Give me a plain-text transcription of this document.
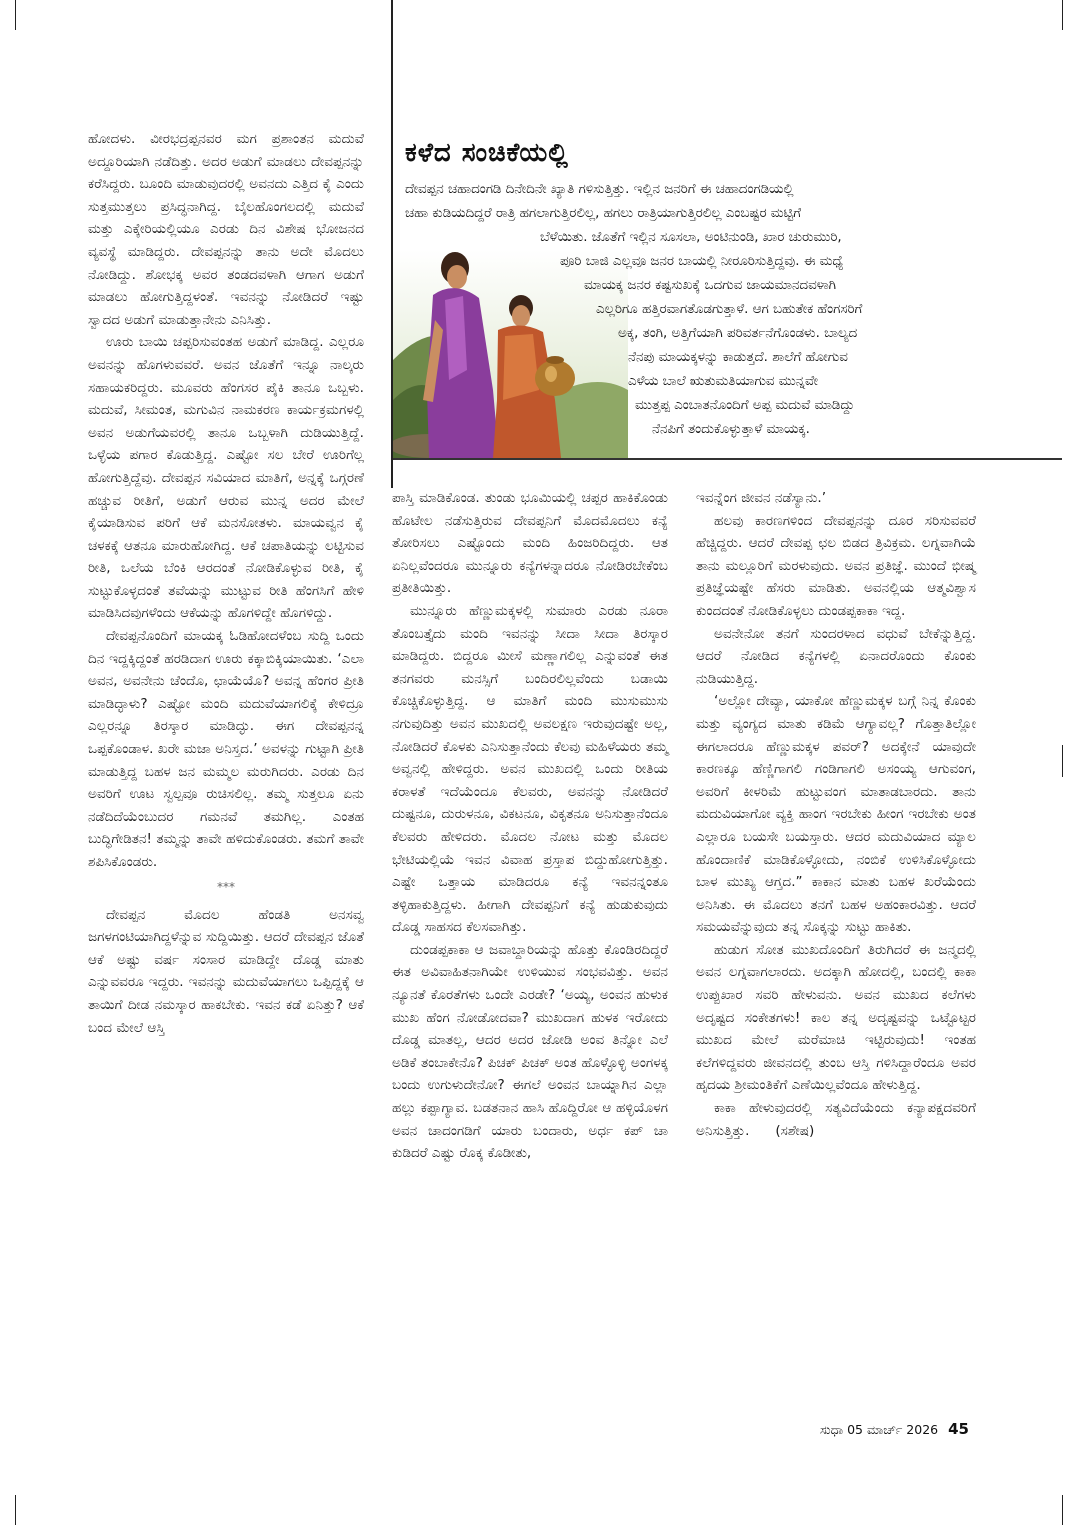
ಕಳೆದ ಸಂಚಿಕೆಯಲ್ಲಿ
ದೇವಪ್ಪನ ಚಹಾದಂಗಡಿ ದಿನೇದಿನೇ ಖ್ಯಾತಿ ಗಳಿಸುತ್ತಿತ್ತು. ಇಲ್ಲಿನ ಜನರಿಗೆ ಈ ಚಹಾದಂಗಡಿಯಲ್ಲಿ
ಚಹಾ ಕುಡಿಯದಿದ್ದರೆ ರಾತ್ರಿ ಹಗಲಾಗುತ್ತಿರಲಿಲ್ಲ, ಹಗಲು ರಾತ್ರಿಯಾಗುತ್ತಿರಲಿಲ್ಲ ಎಂಬಷ್ಟರ ಮಟ್ಟಿಗೆ
ಬೆಳೆಯಿತು. ಜೊತೆಗೆ ಇಲ್ಲಿನ ಸೂಸಲಾ, ಅಂಟಿನುಂಡಿ, ಖಾರ ಚುರುಮುರಿ,
ಪೂರಿ ಬಾಜಿ ಎಲ್ಲವೂ ಜನರ ಬಾಯಲ್ಲಿ ನೀರೂರಿಸುತ್ತಿದ್ದವು. ಈ ಮಧ್ಯೆ
ಮಾಯಕ್ಕ ಜನರ ಕಷ್ಟಸುಖಕ್ಕೆ ಒದಗುವ ಜಾಯಮಾನದವಳಾಗಿ
ಎಲ್ಲರಿಗೂ ಹತ್ತಿರವಾಗತೊಡಗುತ್ತಾಳೆ. ಆಗ ಬಹುತೇಕ ಹೆಂಗಸರಿಗೆ
ಅಕ್ಕ, ತಂಗಿ, ಅತ್ತಿಗೆಯಾಗಿ ಪರಿವರ್ತನೆಗೊಂಡಳು. ಬಾಲ್ಯದ
ನೆನಪು ಮಾಯಕ್ಕಳನ್ನು ಕಾಡುತ್ತದೆ. ಶಾಲೆಗೆ ಹೋಗುವ
ಎಳೆಯ ಬಾಲೆ ಋತುಮತಿಯಾಗುವ ಮುನ್ನವೇ
ಮುತ್ತಪ್ಪ ಎಂಬಾತನೊಂದಿಗೆ ಅಪ್ಪ ಮದುವೆ ಮಾಡಿದ್ದು
ನೆನಪಿಗೆ ತಂದುಕೊಳ್ಳುತ್ತಾಳೆ ಮಾಯಕ್ಕ.

ಹೋದಳು. ವೀರಭದ್ರಪ್ಪನವರ ಮಗ ಪ್ರಶಾಂತನ ಮದುವೆ ಅದ್ದೂರಿಯಾಗಿ ನಡೆದಿತ್ತು. ಅದರ ಅಡುಗೆ ಮಾಡಲು ದೇವಪ್ಪನನ್ನು ಕರೆಸಿದ್ದರು. ಬೂಂದಿ ಮಾಡುವುದರಲ್ಲಿ ಅವನದು ಎತ್ತಿದ ಕೈ ಎಂದು ಸುತ್ತಮುತ್ತಲು ಪ್ರಸಿದ್ಧನಾಗಿದ್ದ. ಬೈಲಹೊಂಗಲದಲ್ಲಿ ಮದುವೆ ಮತ್ತು ಎಕ್ಕೇರಿಯಲ್ಲಿಯೂ ಎರಡು ದಿನ ವಿಶೇಷ ಭೋಜನದ ವ್ಯವಸ್ಥೆ ಮಾಡಿದ್ದರು. ದೇವಪ್ಪನನ್ನು ತಾನು ಅದೇ ಮೊದಲು ನೋಡಿದ್ದು. ಶೋಭಕ್ಕ ಅವರ ತಂಡದವಳಾಗಿ ಆಗಾಗ ಅಡುಗೆ ಮಾಡಲು ಹೋಗುತ್ತಿದ್ದಳಂತೆ. ಇವನನ್ನು ನೋಡಿದರೆ ಇಷ್ಟು ಸ್ವಾದದ ಅಡುಗೆ ಮಾಡುತ್ತಾನೇನು ಎನಿಸಿತ್ತು.

ಊರು ಬಾಯಿ ಚಪ್ಪರಿಸುವಂತಹ ಅಡುಗೆ ಮಾಡಿದ್ದ. ಎಲ್ಲರೂ ಅವನನ್ನು ಹೊಗಳುವವರೆ. ಅವನ ಜೊತೆಗೆ ಇನ್ನೂ ನಾಲ್ಕರು ಸಹಾಯಕರಿದ್ದರು. ಮೂವರು ಹೆಂಗಸರ ಪೈಕಿ ತಾನೂ ಒಬ್ಬಳು. ಮದುವೆ, ಸೀಮಂತ, ಮಗುವಿನ ನಾಮಕರಣ ಕಾರ್ಯಕ್ರಮಗಳಲ್ಲಿ ಅವನ ಅಡುಗೆಯವರಲ್ಲಿ ತಾನೂ ಒಬ್ಬಳಾಗಿ ದುಡಿಯುತ್ತಿದ್ದೆ. ಒಳ್ಳೆಯ ಪಗಾರ ಕೊಡುತ್ತಿದ್ದ. ಎಷ್ಟೋ ಸಲ ಬೇರೆ ಊರಿಗೆಲ್ಲ ಹೋಗುತ್ತಿದ್ದೆವು. ದೇವಪ್ಪನ ಸವಿಯಾದ ಮಾತಿಗೆ, ಅನ್ನಕ್ಕೆ ಒಗ್ಗರಣೆ ಹಚ್ಚುವ ರೀತಿಗೆ, ಅಡುಗೆ ಆರುವ ಮುನ್ನ ಅದರ ಮೇಲೆ ಕೈಯಾಡಿಸುವ ಪರಿಗೆ ಆಕೆ ಮನಸೋತಳು. ಮಾಯವ್ವನ ಕೈ ಚಳಕಕ್ಕೆ ಆತನೂ ಮಾರುಹೋಗಿದ್ದ. ಆಕೆ ಚಪಾತಿಯನ್ನು ಲಟ್ಟಿಸುವ ರೀತಿ, ಒಲೆಯ ಬೆಂಕಿ ಆರದಂತೆ ನೋಡಿಕೊಳ್ಳುವ ರೀತಿ, ಕೈ ಸುಟ್ಟುಕೊಳ್ಳದಂತೆ ತವೆಯನ್ನು ಮುಟ್ಟುವ ರೀತಿ ಹೆಂಗಸಿಗೆ ಹೇಳಿ ಮಾಡಿಸಿದವುಗಳೆಂದು ಆಕೆಯನ್ನು ಹೊಗಳಿದ್ದೇ ಹೊಗಳಿದ್ದು.

ದೇವಪ್ಪನೊಂದಿಗೆ ಮಾಯಕ್ಕ ಓಡಿಹೋದಳೆಂಬ ಸುದ್ದಿ ಒಂದು ದಿನ ಇದ್ದಕ್ಕಿದ್ದಂತೆ ಹರಡಿದಾಗ ಊರು ಕಕ್ಕಾಬಿಕ್ಕಿಯಾಯಿತು. ‘ಎಲಾ ಅವನ, ಅವನೇನು ಚೆಂದೊ, ಛಾಯೆಯೊ? ಅವನ್ನ ಹೆಂಗರ ಪ್ರೀತಿ ಮಾಡಿದ್ಳಾಳು? ಎಷ್ಟೋ ಮಂದಿ ಮದುವೆಯಾಗಲಿಕ್ಕೆ ಕೇಳಿದ್ರೂ ಎಲ್ಲರನ್ನೂ ತಿರಸ್ಕಾರ ಮಾಡಿದ್ಳು. ಈಗ ದೇವಪ್ಪನನ್ನ ಒಪ್ಪಕೊಂಡಾಳ. ಖರೇ ಮಜಾ ಅನಿಸ್ತದ.’ ಅವಳನ್ನು ಗುಟ್ಟಾಗಿ ಪ್ರೀತಿ ಮಾಡುತ್ತಿದ್ದ ಬಹಳ ಜನ ಮಮ್ಮಲ ಮರುಗಿದರು. ಎರಡು ದಿನ ಅವರಿಗೆ ಊಟ ಸ್ವಲ್ಪವೂ ರುಚಿಸಲಿಲ್ಲ. ತಮ್ಮ ಸುತ್ತಲೂ ಏನು ನಡೆದಿದೆಯೆಂಬುದರ ಗಮನವೆ ತಮಗಿಲ್ಲ. ಎಂತಹ ಬುದ್ಧಿಗೇಡಿತನ! ತಮ್ಮನ್ನು ತಾವೇ ಹಳಿದುಕೊಂಡರು. ತಮಗೆ ತಾವೇ ಶಪಿಸಿಕೊಂಡರು.

***

ದೇವಪ್ಪನ ಮೊದಲ ಹೆಂಡತಿ ಅನಸವ್ವ ಜಗಳಗಂಟಿಯಾಗಿದ್ದಳೆನ್ನುವ ಸುದ್ದಿಯಿತ್ತು. ಆದರೆ ದೇವಪ್ಪನ ಜೊತೆ ಆಕೆ ಅಷ್ಟು ವರ್ಷ ಸಂಸಾರ ಮಾಡಿದ್ದೇ ದೊಡ್ಡ ಮಾತು ಎನ್ನುವವರೂ ಇದ್ದರು. ಇವನನ್ನು ಮದುವೆಯಾಗಲು ಒಪ್ಪಿದ್ದಕ್ಕೆ ಆ ತಾಯಿಗೆ ದೀಡ ನಮಸ್ಕಾರ ಹಾಕಬೇಕು. ಇವನ ಕಡೆ ಏನಿತ್ತು? ಆಕೆ ಬಂದ ಮೇಲೆ ಆಸ್ತಿ

ಪಾಸ್ತಿ ಮಾಡಿಕೊಂಡ. ತುಂಡು ಭೂಮಿಯಲ್ಲಿ ಚಪ್ಪರ ಹಾಕಿಕೊಂಡು ಹೊಟೇಲ ನಡೆಸುತ್ತಿರುವ ದೇವಪ್ಪನಿಗೆ ಮೊದಮೊದಲು ಕನ್ಯೆ ತೋರಿಸಲು ಎಷ್ಟೊಂದು ಮಂದಿ ಹಿಂಜರಿದಿದ್ದರು. ಆತ ಏನಿಲ್ಲವೆಂದರೂ ಮುನ್ನೂರು ಕನ್ಯೆಗಳನ್ನಾದರೂ ನೋಡಿರಬೇಕೆಂಬ ಪ್ರತೀತಿಯಿತ್ತು.

ಮುನ್ನೂರು ಹೆಣ್ಣುಮಕ್ಕಳಲ್ಲಿ ಸುಮಾರು ಎರಡು ನೂರಾ ತೊಂಬತ್ತೈದು ಮಂದಿ ಇವನನ್ನು ಸೀದಾ ಸೀದಾ ತಿರಸ್ಕಾರ ಮಾಡಿದ್ದರು. ಬಿದ್ದರೂ ಮೀಸೆ ಮಣ್ಣಾಗಲಿಲ್ಲ ಎನ್ನುವಂತೆ ಈತ ತನಗವರು ಮನಸ್ಸಿಗೆ ಬಂದಿರಲಿಲ್ಲವೆಂದು ಬಡಾಯಿ ಕೊಚ್ಚಿಕೊಳ್ಳುತ್ತಿದ್ದ. ಆ ಮಾತಿಗೆ ಮಂದಿ ಮುಸುಮುಸು ನಗುವುದಿತ್ತು ಅವನ ಮುಖದಲ್ಲಿ ಅವಲಕ್ಷಣ ಇರುವುದಷ್ಟೇ ಅಲ್ಲ, ನೋಡಿದರೆ ಕೊಳಕು ಎನಿಸುತ್ತಾನೆಂದು ಕೆಲವು ಮಹಿಳೆಯರು ತಮ್ಮ ಅವ್ವನಲ್ಲಿ ಹೇಳಿದ್ದರು. ಅವನ ಮುಖದಲ್ಲಿ ಒಂದು ರೀತಿಯ ಕರಾಳತೆ ಇದೆಯೆಂದೂ ಕೆಲವರು, ಅವನನ್ನು ನೋಡಿದರೆ ದುಷ್ಟನೂ, ದುರುಳನೂ, ವಿಕಟನೂ, ವಿಕೃತನೂ ಅನಿಸುತ್ತಾನೆಂದೂ ಕೆಲವರು ಹೇಳಿದರು. ಮೊದಲ ನೋಟ ಮತ್ತು ಮೊದಲ ಭೇಟಿಯಲ್ಲಿಯೆ ಇವನ ವಿವಾಹ ಪ್ರಸ್ತಾಪ ಬಿದ್ದುಹೋಗುತ್ತಿತ್ತು. ಎಷ್ಟೇ ಒತ್ತಾಯ ಮಾಡಿದರೂ ಕನ್ಯೆ ಇವನನ್ನಂತೂ ತಳ್ಳಿಹಾಕುತ್ತಿದ್ದಳು. ಹೀಗಾಗಿ ದೇವಪ್ಪನಿಗೆ ಕನ್ಯೆ ಹುಡುಕುವುದು ದೊಡ್ಡ ಸಾಹಸದ ಕೆಲಸವಾಗಿತ್ತು.

ದುಂಡಪ್ಪಕಾಕಾ ಆ ಜವಾಬ್ದಾರಿಯನ್ನು ಹೊತ್ತು ಕೊಂಡಿರದಿದ್ದರೆ ಈತ ಅವಿವಾಹಿತನಾಗಿಯೇ ಉಳಿಯುವ ಸಂಭವವಿತ್ತು. ಅವನ ನ್ಯೂನತೆ ಕೊರತೆಗಳು ಒಂದೇ ಎರಡೇ? ‘ಅಯ್ಯ, ಅಂವನ ಹುಳುಕ ಮುಖ ಹೆಂಗ ನೋಡೋದವಾ? ಮುಖದಾಗ ಹುಳಕ ಇರೋದು ದೊಡ್ಡ ಮಾತಲ್ಲ, ಆದರ ಅದರ ಜೋಡಿ ಅಂವ ತಿನ್ನೋ ಎಲೆ ಅಡಿಕೆ ತಂಬಾಕೇನೊ? ಪಿಚಕ್ ಪಿಚಕ್ ಅಂತ ಹೊಳ್ಳೊಳ್ಳಿ ಅಂಗಳಕ್ಕ ಬಂದು ಉಗುಳುದೇನೋ? ಈಗಲೆ ಅಂವನ ಬಾಯ್ನಾಗಿನ ಎಲ್ಲಾ ಹಲ್ಲು ಕಪ್ಪಾಗ್ಯಾವ. ಬಡತನಾನ ಹಾಸಿ ಹೊದ್ದಿರೋ ಆ ಹಳ್ಳಿಯೊಳಗ ಅವನ ಚಾದಂಗಡಿಗೆ ಯಾರು ಬಂದಾರು, ಅರ್ಧ ಕಪ್ ಚಾ ಕುಡಿದರೆ ಎಷ್ಟು ರೊಕ್ಕ ಕೊಡೀತು,

ಇವನ್ನೆಂಗ ಜೀವನ ನಡೆಸ್ಯಾನು.’

ಹಲವು ಕಾರಣಗಳಿಂದ ದೇವಪ್ಪನನ್ನು ದೂರ ಸರಿಸುವವರೆ ಹೆಚ್ಚಿದ್ದರು. ಆದರೆ ದೇವಪ್ಪ ಛಲ ಬಿಡದ ತ್ರಿವಿಕ್ರಮ. ಲಗ್ನವಾಗಿಯೆ ತಾನು ಮಲ್ಲೂರಿಗೆ ಮರಳುವುದು. ಅವನ ಪ್ರತಿಜ್ಞೆ. ಮುಂದೆ ಭೀಷ್ಮ ಪ್ರತಿಜ್ಞೆಯಷ್ಟೇ ಹೆಸರು ಮಾಡಿತು. ಅವನಲ್ಲಿಯ ಆತ್ಮವಿಶ್ವಾಸ ಕುಂದದಂತೆ ನೋಡಿಕೊಳ್ಳಲು ದುಂಡಪ್ಪಕಾಕಾ ಇದ್ದ.

ಅವನೇನೋ ತನಗೆ ಸುಂದರಳಾದ ವಧುವೆ ಬೇಕೆನ್ನುತ್ತಿದ್ದ. ಆದರೆ ನೋಡಿದ ಕನ್ಯೆಗಳಲ್ಲಿ ಏನಾದರೊಂದು ಕೊಂಕು ನುಡಿಯುತ್ತಿದ್ದ.

‘ಅಲ್ಲೋ ದೇವ್ಯಾ, ಯಾಕೋ ಹೆಣ್ಣುಮಕ್ಕಳ ಬಗ್ಗೆ ನಿನ್ನ ಕೊಂಕು ಮತ್ತು ವ್ಯಂಗ್ಯದ ಮಾತು ಕಡಿಮೆ ಆಗ್ಯಾವಲ್ಲ? ಗೊತ್ತಾತಿಲ್ಲೋ ಈಗಲಾದರೂ ಹೆಣ್ಣುಮಕ್ಕಳ ಪವರ್? ಅದಕ್ಕೇನೆ ಯಾವುದೇ ಕಾರಣಕ್ಕೂ ಹೆಣ್ಣಿಗಾಗಲಿ ಗಂಡಿಗಾಗಲಿ ಅಸಂಯ್ಯ ಆಗುವಂಗ, ಅವರಿಗೆ ಕೀಳರಿಮೆ ಹುಟ್ಟುವಂಗ ಮಾತಾಡಬಾರದು. ತಾನು ಮದುವಿಯಾಗೋ ವ್ಯಕ್ತಿ ಹಾಂಗ ಇರಬೇಕು ಹೀಂಗ ಇರಬೇಕು ಅಂತ ಎಲ್ಲಾರೂ ಬಯಸೇ ಬಯಸ್ತಾರು. ಆದರ ಮದುವಿಯಾದ ಮ್ಯಾಲ ಹೊಂದಾಣಿಕೆ ಮಾಡಿಕೊಳ್ಳೋದು, ನಂಬಿಕೆ ಉಳಿಸಿಕೊಳ್ಳೋದು ಬಾಳ ಮುಖ್ಯ ಆಗ್ತದ.” ಕಾಕಾನ ಮಾತು ಬಹಳ ಖರೆಯೆಂದು ಅನಿಸಿತು. ಈ ಮೊದಲು ತನಗೆ ಬಹಳ ಅಹಂಕಾರವಿತ್ತು. ಆದರೆ ಸಮಯವೆನ್ನುವುದು ತನ್ನ ಸೊಕ್ಕನ್ನು ಸುಟ್ಟು ಹಾಕಿತು.

ಹುಡುಗ ಸೋತ ಮುಖದೊಂದಿಗೆ ತಿರುಗಿದರೆ ಈ ಜನ್ಮದಲ್ಲಿ ಅವನ ಲಗ್ನವಾಗಲಾರದು. ಅದಕ್ಕಾಗಿ ಹೋದಲ್ಲಿ, ಬಂದಲ್ಲಿ ಕಾಕಾ ಉಪ್ಪುಖಾರ ಸವರಿ ಹೇಳುವನು. ಅವನ ಮುಖದ ಕಲೆಗಳು ಅದೃಷ್ಟದ ಸಂಕೇತಗಳು! ಕಾಲ ತನ್ನ ಅದೃಷ್ಟವನ್ನು ಒಟ್ಟೊಟ್ಟರ ಮುಖದ ಮೇಲೆ ಮರೆಮಾಚಿ ಇಟ್ಟಿರುವುದು! ಇಂತಹ ಕಲೆಗಳಿದ್ದವರು ಜೀವನದಲ್ಲಿ ತುಂಬ ಆಸ್ತಿ ಗಳಿಸಿದ್ದಾರೆಂದೂ ಅವರ ಹೃದಯ ಶ್ರೀಮಂತಿಕೆಗೆ ಎಣೆಯಿಲ್ಲವೆಂದೂ ಹೇಳುತ್ತಿದ್ದ.

ಕಾಕಾ ಹೇಳುವುದರಲ್ಲಿ ಸತ್ಯವಿದೆಯೆಂದು ಕನ್ಯಾಪಕ್ಷದವರಿಗೆ ಅನಿಸುತ್ತಿತ್ತು. (ಸಶೇಷ)

ಸುಧಾ 05 ಮಾರ್ಚ್ 2026 45
